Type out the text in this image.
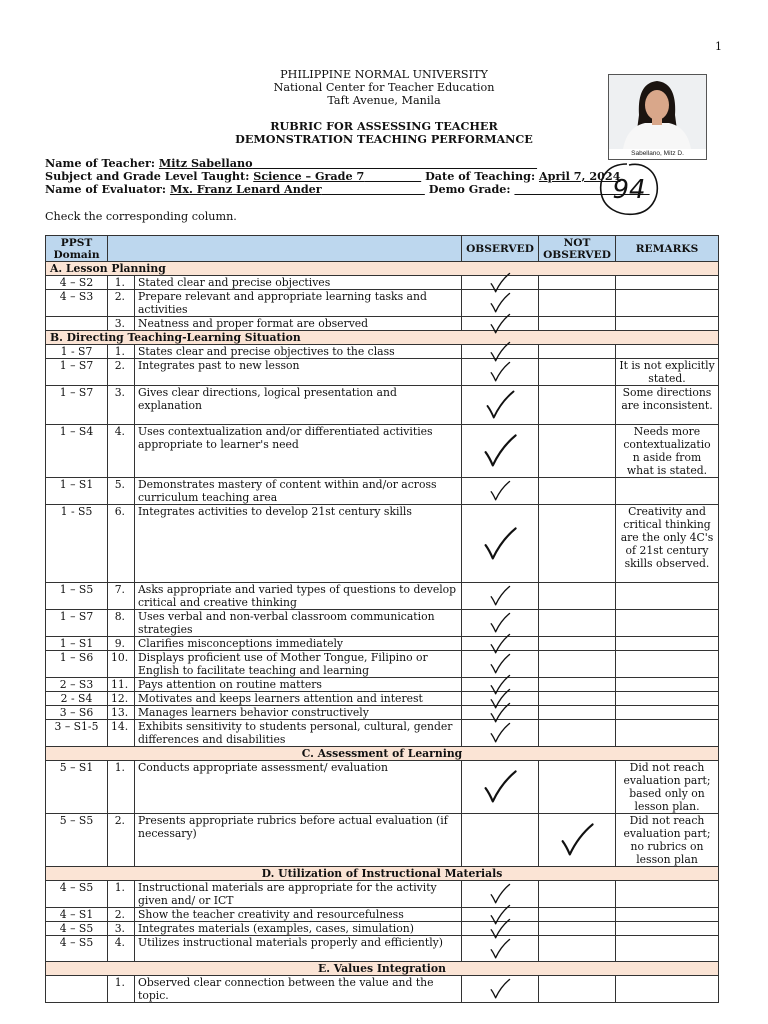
1
PHILIPPINE NORMAL UNIVERSITY
National Center for Teacher Education
Taft Avenue, Manila
RUBRIC FOR ASSESSING TEACHER
DEMONSTRATION TEACHING PERFORMANCE
Sabellano, Mitz D.
Name of Teacher: Mitz Sabellano
Subject and Grade Level Taught: Science – Grade 7	Date of Teaching: April 7, 2024
Name of Evaluator: Mx. Franz Lenard Ander	Demo Grade:	94
Check the corresponding column.
PPST Domain			OBSERVED	NOT OBSERVED	REMARKS
A. Lesson Planning					
4 – S2	1.	Stated clear and precise objectives	

4 – S3	2.	Prepare relevant and appropriate learning tasks and activities	

	3.	Neatness and proper format are observed	

B. Directing Teaching-Learning Situation					
1 - S7	1.	States clear and precise objectives to the class	

1 – S7	2.	Integrates past to new lesson			It is not explicitly stated.
1 – S7	3.	Gives clear directions, logical presentation and explanation			Some directions are inconsistent.
1 – S4	4.	Uses contextualization and/or differentiated activities appropriate to learner's need			Needs more contextualizatio n aside from what is stated.
1 – S1	5.	Demonstrates mastery of content within and/or across curriculum teaching area	

1 - S5	6.	Integrates activities to develop 21st century skills			Creativity and critical thinking are the only 4C's of 21st century skills observed.
1 – S5	7.	Asks appropriate and varied types of questions to develop critical and creative thinking	

1 – S7	8.	Uses verbal and non-verbal classroom communication strategies	

1 – S1	9.	Clarifies misconceptions immediately	

1 – S6	10.	Displays proficient use of Mother Tongue, Filipino or English to facilitate teaching and learning	

2 – S3	11.	Pays attention on routine matters	

2 - S4	12.	Motivates and keeps learners attention and interest	

3 – S6	13.	Manages learners behavior constructively	

3 – S1-5	14.	Exhibits sensitivity to students personal, cultural, gender differences and disabilities	

C. Assessment of Learning					
5 – S1	1.	Conducts appropriate assessment/ evaluation			Did not reach evaluation part; based only on lesson plan.
5 – S5	2.	Presents appropriate rubrics before actual evaluation (if necessary)			Did not reach evaluation part; no rubrics on lesson plan
D. Utilization of Instructional Materials					
4 – S5	1.	Instructional materials are appropriate for the activity given and/ or ICT	

4 – S1	2.	Show the teacher creativity and resourcefulness	

4 – S5	3.	Integrates materials (examples, cases, simulation)	

4 – S5	4.	Utilizes instructional materials properly and efficiently)	

E. Values Integration					
	1.	Observed clear connection between the value and the topic.	
